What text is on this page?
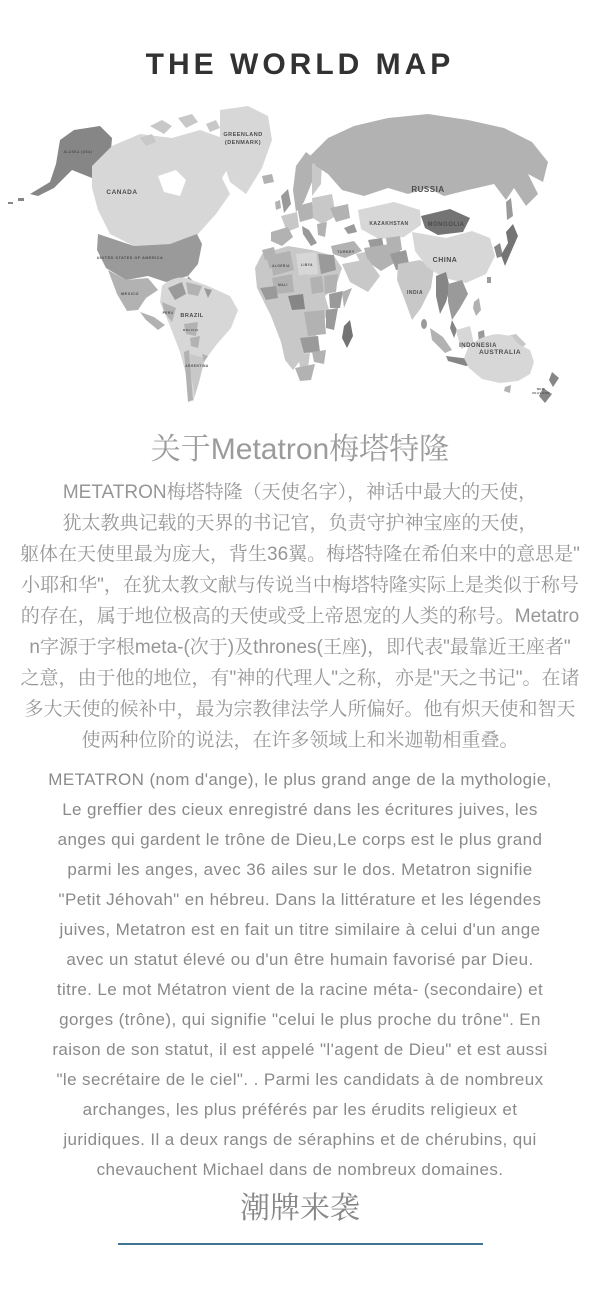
THE WORLD MAP
GREENLAND
(DENMARK)
CANADA
ALASKA (USA)
UNITED STATES OF AMERICA
MEXICO
RUSSIA
KAZAKHSTAN	MONGOLIA
CHINA
INDIA
TURKEY
ALGERIA	LIBYA
MALI
BRAZIL
PERU
BOLIVIA
ARGENTINA
INDONESIA
AUSTRALIA
NEW
ZEALAND
关于Metatron梅塔特隆
METATRON梅塔特隆（天使名字），神话中最大的天使，
犹太教典记载的天界的书记官，负责守护神宝座的天使，
躯体在天使里最为庞大，背生36翼。梅塔特隆在希伯来中的意思是"
小耶和华"，在犹太教文献与传说当中梅塔特隆实际上是类似于称号
的存在，属于地位极高的天使或受上帝恩宠的人类的称号。Metatro
n字源于字根meta-(次于)及thrones(王座)，即代表"最靠近王座者"
之意，由于他的地位，有"神的代理人"之称，亦是"天之书记"。在诸
多大天使的候补中，最为宗教律法学人所偏好。他有炽天使和智天
使两种位阶的说法，在许多领域上和米迦勒相重叠。
METATRON (nom d'ange), le plus grand ange de la mythologie,
Le greffier des cieux enregistré dans les écritures juives, les
anges qui gardent le trône de Dieu,Le corps est le plus grand
parmi les anges, avec 36 ailes sur le dos. Metatron signifie
"Petit Jéhovah" en hébreu. Dans la littérature et les légendes
juives, Metatron est en fait un titre similaire à celui d'un ange
avec un statut élevé ou d'un être humain favorisé par Dieu.
titre. Le mot Métatron vient de la racine méta- (secondaire) et
gorges (trône), qui signifie "celui le plus proche du trône". En
raison de son statut, il est appelé "l'agent de Dieu" et est aussi
"le secrétaire de le ciel". . Parmi les candidats à de nombreux
archanges, les plus préférés par les érudits religieux et
juridiques. Il a deux rangs de séraphins et de chérubins, qui
chevauchent Michael dans de nombreux domaines.
潮牌来袭
